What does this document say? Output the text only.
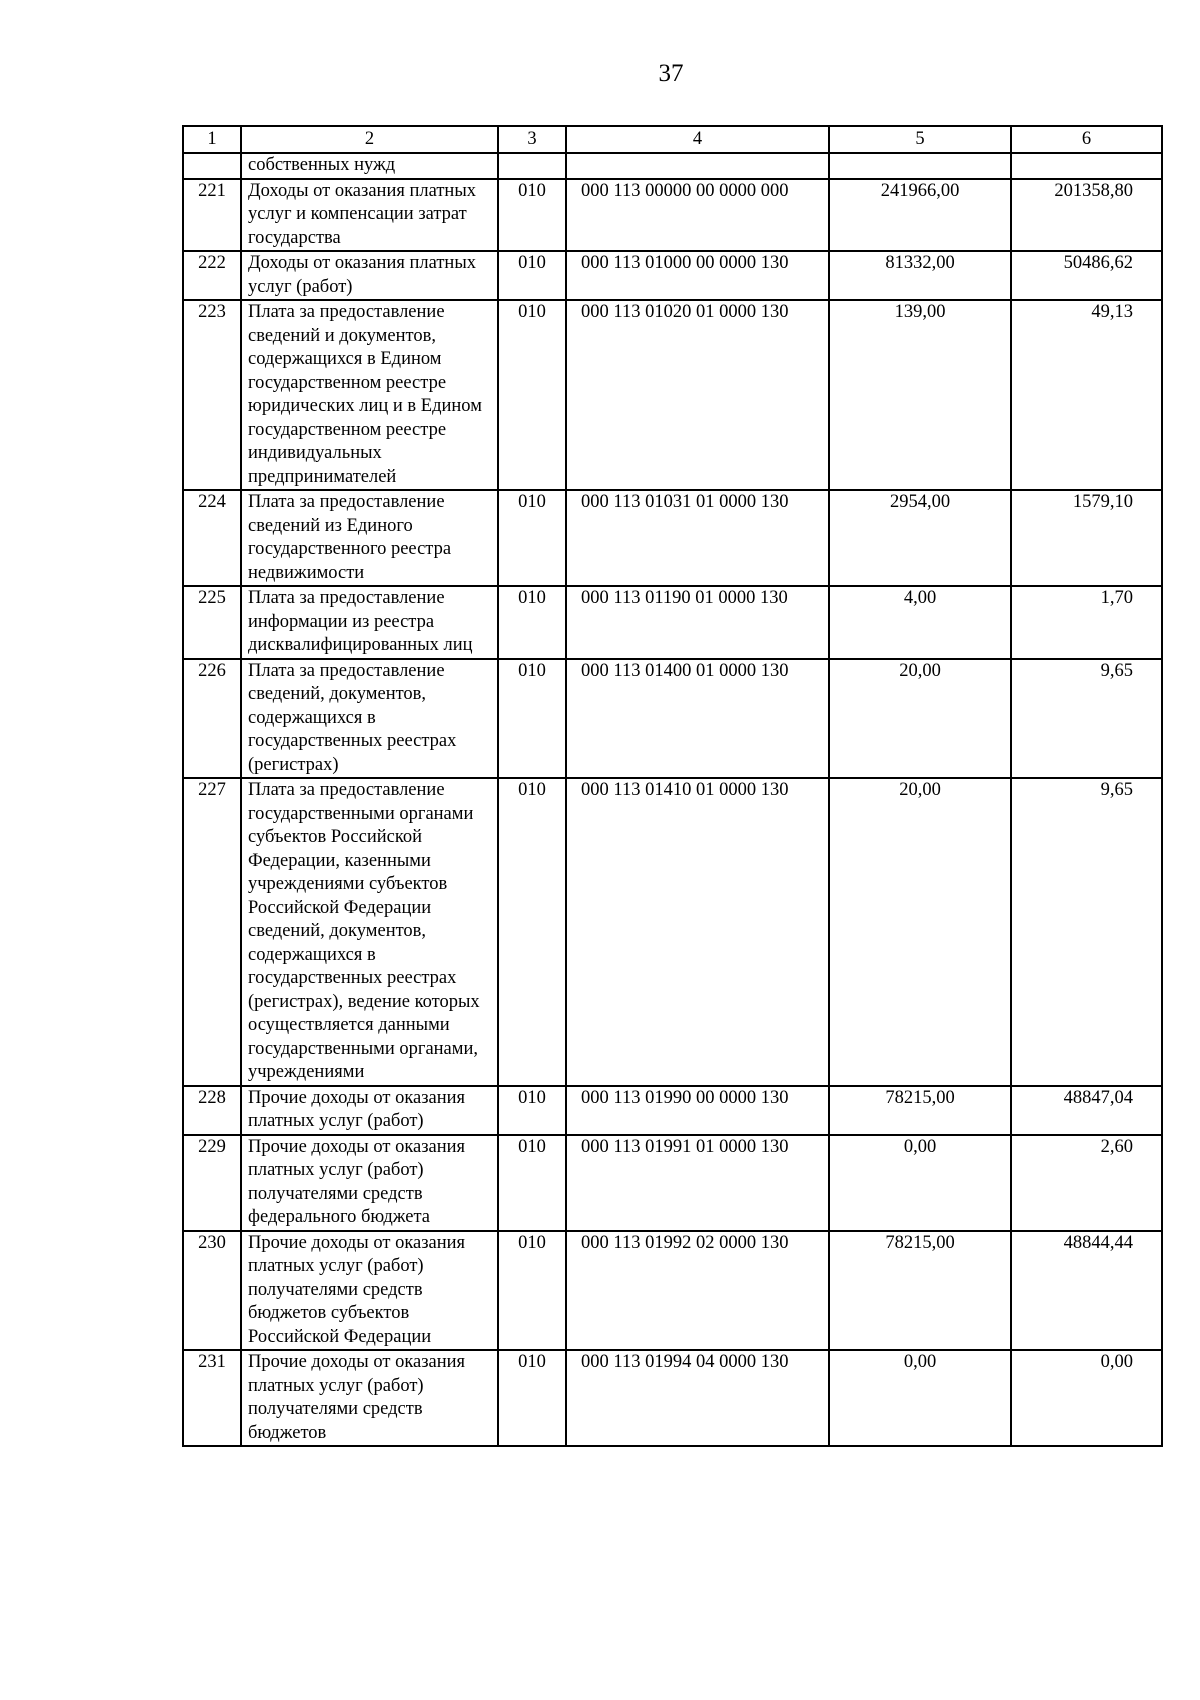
37
1	2	3	4	5	6
	собственных нужд				
221	Доходы от оказания платных услуг и компенсации затрат государства	010	000 113 00000 00 0000 000	241966,00	201358,80
222	Доходы от оказания платных услуг (работ)	010	000 113 01000 00 0000 130	81332,00	50486,62
223	Плата за предоставление сведений и документов, содержащихся в Едином государственном реестре юридических лиц и в Едином государственном реестре индивидуальных предпринимателей	010	000 113 01020 01 0000 130	139,00	49,13
224	Плата за предоставление сведений из Единого государственного реестра недвижимости	010	000 113 01031 01 0000 130	2954,00	1579,10
225	Плата за предоставление информации из реестра дисквалифицированных лиц	010	000 113 01190 01 0000 130	4,00	1,70
226	Плата за предоставление сведений, документов, содержащихся в государственных реестрах (регистрах)	010	000 113 01400 01 0000 130	20,00	9,65
227	Плата за предоставление государственными органами субъектов Российской Федерации, казенными учреждениями субъектов Российской Федерации сведений, документов, содержащихся в государственных реестрах (регистрах), ведение которых осуществляется данными государственными органами, учреждениями	010	000 113 01410 01 0000 130	20,00	9,65
228	Прочие доходы от оказания платных услуг (работ)	010	000 113 01990 00 0000 130	78215,00	48847,04
229	Прочие доходы от оказания платных услуг (работ) получателями средств федерального бюджета	010	000 113 01991 01 0000 130	0,00	2,60
230	Прочие доходы от оказания платных услуг (работ) получателями средств бюджетов субъектов Российской Федерации	010	000 113 01992 02 0000 130	78215,00	48844,44
231	Прочие доходы от оказания платных услуг (работ) получателями средств бюджетов	010	000 113 01994 04 0000 130	0,00	0,00
